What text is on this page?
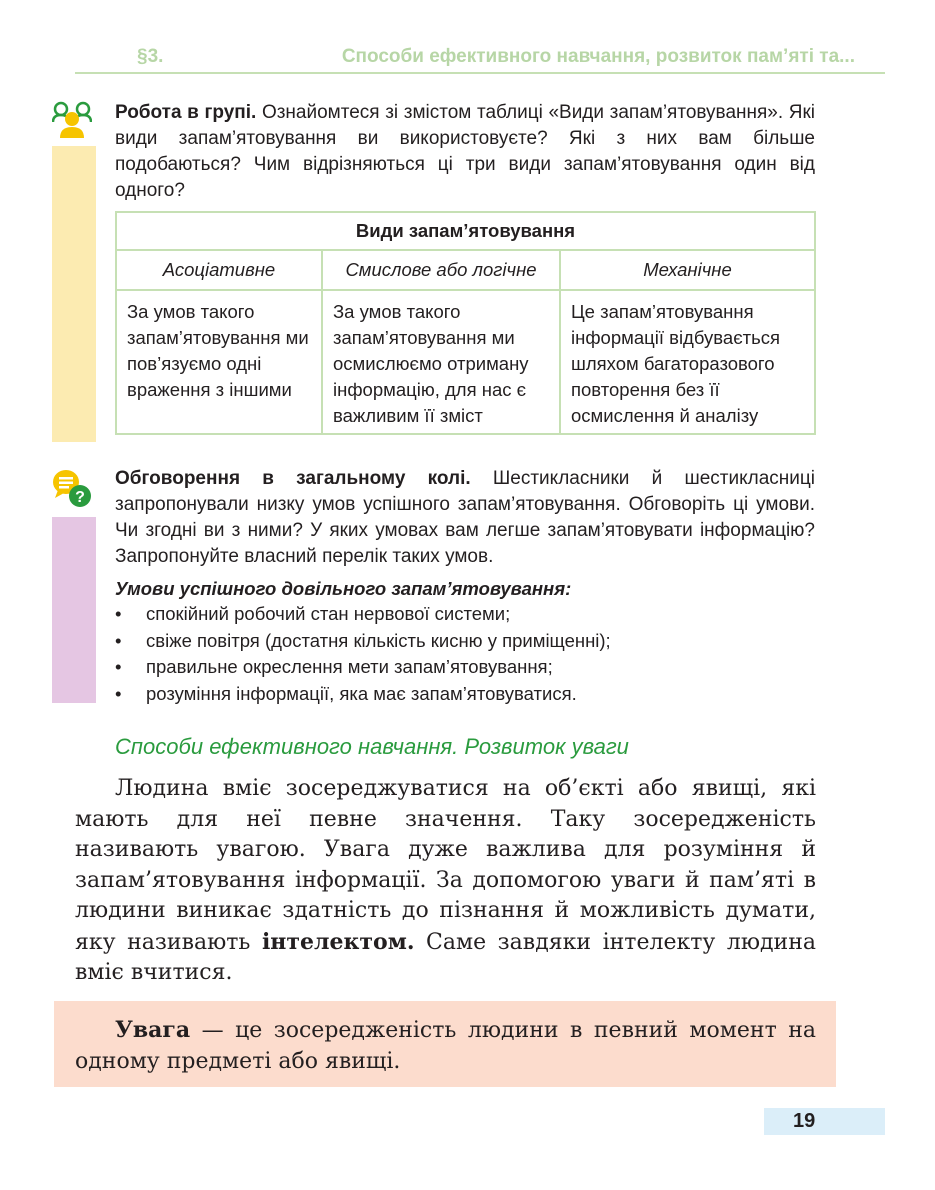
§3.	Способи ефективного навчання, розвиток пам’яті та...
Робота в групі. Ознайомтеся зі змістом таблиці «Види запам’ятовування». Які види запам’ятовування ви використовуєте? Які з них вам більше подобаються? Чим відрізняються ці три види запам’ятовування один від одного?
Види запам’ятовування		
Асоціативне	Смислове або логічне	Механічне
За умов такого запам’ятовування ми пов’язуємо одні враження з іншими	За умов такого запам’ятовування ми осмислюємо отриману інформацію, для нас є важливим її зміст	Це запам’ятовування інформації відбувається шляхом багаторазового повторення без її осмислення й аналізу
?
Обговорення в загальному колі. Шестикласники й шестикласниці запропонували низку умов успішного запам’ятовування. Обговоріть ці умови. Чи згодні ви з ними? У яких умовах вам легше запам’ятовувати інформацію? Запропонуйте власний перелік таких умов.
Умови успішного довільного запам’ятовування:
• спокійний робочий стан нервової системи;
• свіже повітря (достатня кількість кисню у приміщенні);
• правильне окреслення мети запам’ятовування;
• розуміння інформації, яка має запам’ятовуватися.
Способи ефективного навчання. Розвиток уваги
Людина вміє зосереджуватися на об’єкті або явищі, які мають для неї певне значення. Таку зосередженість називають увагою. Увага дуже важлива для розуміння й запам’ятовування інформації. За допомогою уваги й пам’яті в людини виникає здатність до пізнання й можливість думати, яку називають інтелектом. Саме завдяки інтелекту людина вміє вчитися.
Увага — це зосередженість людини в певний момент на одному предметі або явищі.
19
